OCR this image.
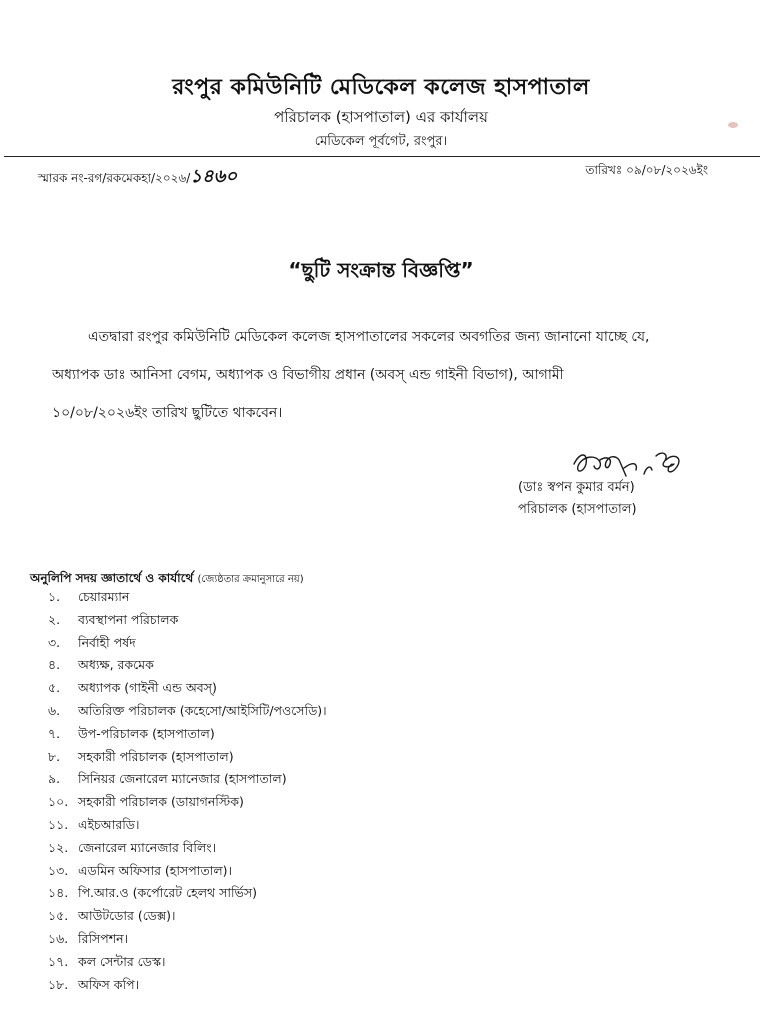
রংপুর কমিউনিটি মেডিকেল কলেজ হাসপাতাল
পরিচালক (হাসপাতাল) এর কার্যালয়
মেডিকেল পূর্বগেট, রংপুর।
স্মারক নং-রগ/রকমেকহা/২০২৬/১৪৬০	তারিখঃ ০৯/০৮/২০২৬ইং
“ছুটি সংক্রান্ত বিজ্ঞপ্তি”
এতদ্বারা রংপুর কমিউনিটি মেডিকেল কলেজ হাসপাতালের সকলের অবগতির জন্য জানানো যাচ্ছে যে,
অধ্যাপক ডাঃ আনিসা বেগম, অধ্যাপক ও বিভাগীয় প্রধান (অবস্ এন্ড গাইনী বিভাগ), আগামী
১০/০৮/২০২৬ইং তারিখ ছুটিতে থাকবেন।
(ডাঃ স্বপন কুমার বর্মন)
পরিচালক (হাসপাতাল)
অনুলিপি সদয় জ্ঞাতার্থে ও কার্যার্থে (জ্যেষ্ঠতার ক্রমানুসারে নয়)
১. চেয়ারম্যান
২. ব্যবস্থাপনা পরিচালক
৩. নির্বাহী পর্ষদ
৪. অধ্যক্ষ, রকমেক
৫. অধ্যাপক (গাইনী এন্ড অবস্)
৬. অতিরিক্ত পরিচালক (কহেসো/আইসিটি/পওসেডি)।
৭. উপ-পরিচালক (হাসপাতাল)
৮. সহকারী পরিচালক (হাসপাতাল)
৯. সিনিয়র জেনারেল ম্যানেজার (হাসপাতাল)
১০. সহকারী পরিচালক (ডায়াগনস্টিক)
১১. এইচআরডি।
১২. জেনারেল ম্যানেজার বিলিং।
১৩. এডমিন অফিসার (হাসপাতাল)।
১৪. পি.আর.ও (কর্পোরেট হেলথ সার্ভিস)
১৫. আউটডোর (ডেক্স)।
১৬. রিসিপশন।
১৭. কল সেন্টার ডেস্ক।
১৮. অফিস কপি।
